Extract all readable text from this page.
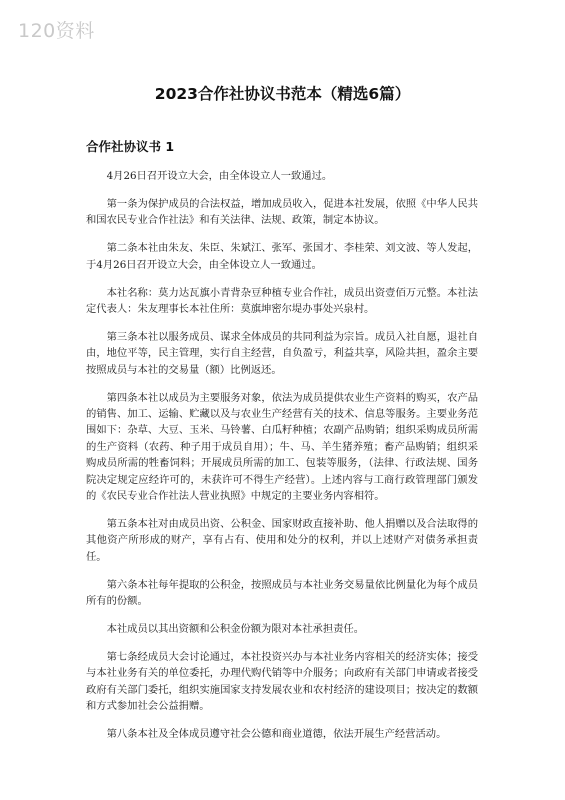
120资料
2023合作社协议书范本（精选6篇）
合作社协议书 1

4月26日召开设立大会，由全体设立人一致通过。

第一条为保护成员的合法权益，增加成员收入，促进本社发展，依照《中华人民共和国农民专业合作社法》和有关法律、法规、政策，制定本协议。

第二条本社由朱友、朱臣、朱斌江、张军、张国才、李桂荣、刘文波、等人发起，于4月26日召开设立大会，由全体设立人一致通过。

本社名称：莫力达瓦旗小青背杂豆种植专业合作社，成员出资壹佰万元整。本社法定代表人：朱友理事长本社住所：莫旗坤密尔堤办事处兴泉村。

第三条本社以服务成员、谋求全体成员的共同利益为宗旨。成员入社自愿，退社自由，地位平等，民主管理，实行自主经营，自负盈亏，利益共享，风险共担，盈余主要按照成员与本社的交易量（额）比例返还。

第四条本社以成员为主要服务对象，依法为成员提供农业生产资料的购买，农产品的销售、加工、运输、贮藏以及与农业生产经营有关的技术、信息等服务。主要业务范围如下：杂草、大豆、玉米、马铃薯、白瓜籽种植；农副产品购销；组织采购成员所需的生产资料（农药、种子用于成员自用）；牛、马、羊生猪养殖；畜产品购销；组织采购成员所需的牲畜饲料；开展成员所需的加工、包装等服务，（法律、行政法规、国务院决定规定应经许可的，未获许可不得生产经营）。上述内容与工商行政管理部门颁发的《农民专业合作社法人营业执照》中规定的主要业务内容相符。

第五条本社对由成员出资、公积金、国家财政直接补助、他人捐赠以及合法取得的其他资产所形成的财产，享有占有、使用和处分的权利，并以上述财产对债务承担责任。

第六条本社每年提取的公积金，按照成员与本社业务交易量依比例量化为每个成员所有的份额。

本社成员以其出资额和公积金份额为限对本社承担责任。

第七条经成员大会讨论通过，本社投资兴办与本社业务内容相关的经济实体；接受与本社业务有关的单位委托，办理代购代销等中介服务；向政府有关部门申请或者接受政府有关部门委托，组织实施国家支持发展农业和农村经济的建设项目；按决定的数额和方式参加社会公益捐赠。

第八条本社及全体成员遵守社会公德和商业道德，依法开展生产经营活动。
